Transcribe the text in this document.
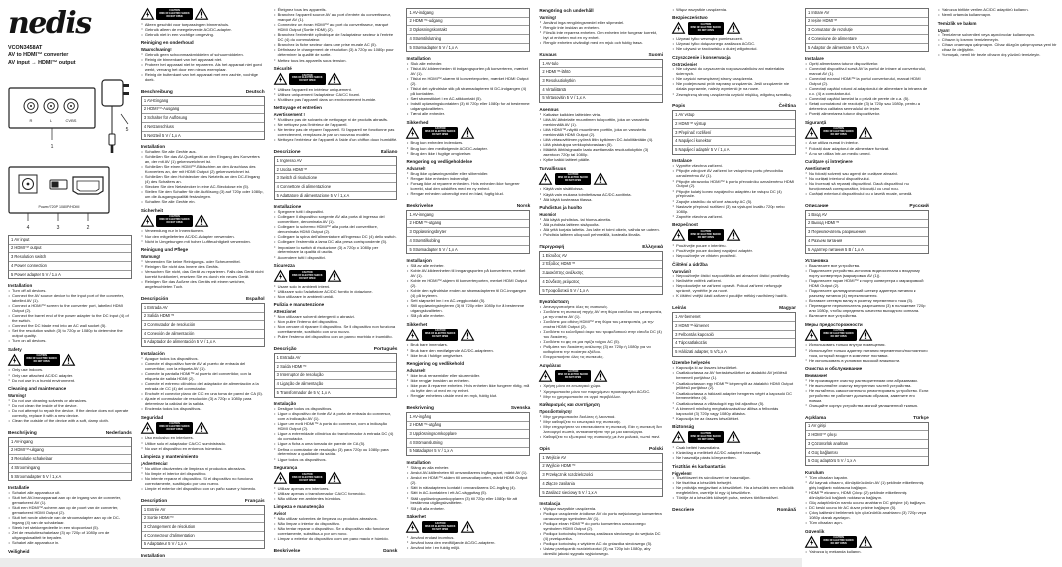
nedis
VCON3458AT
AV to HDMI™ converter
AV input → HDMI™ output
R	L	CVBS
1
5
Power/720P 1080P/HDMI
4	3	2
1 AV input
2 HDMI™ output
3 Resolution switch
4 Power connection
5 Power adapter 5 V / 1.x A
Installation
• Turn off all devices.
• Connect the AV source device to the input port of the converter, labelled AV (1).
• Connect a HDMI™ screen to the converter port, labelled HDMI Output (2).
• Connect the barrel end of the power adapter to the DC input (4) of the switch.
• Connect the DC blade end into an AC wall socket (5).
• Set the resolution switch (3) to 720p or 1080p to determine the output quality.
• Turn on all devices.
Safety
CAUTION
RISK OF ELECTRIC SHOCK
DO NOT OPEN
• Only use indoors.
• Only use attached AC/DC adapter.
• Do not use in a humid environment.
Cleaning and maintenance
Warning!
• Do not use cleaning solvents or abrasives.
• Do not clean the inside of the device.
• Do not attempt to repair the device. If the device does not operate correctly, replace it with a new device.
• Clean the outside of the device with a soft, damp cloth.
Beschrijving	Nederlands
1 AV-ingang
2 HDMI™-uitgang
3 Resolutie schakelaar
4 Stroomingang
5 Stroomadapter 5 V / 1,x A
Installatie
• Schakel alle apparatuur uit.
• Sluit het AV-bronapparaat aan op de ingang van de converter, gemarkeerd AV (1).
• Sluit een HDMI™-scherm aan op de poort van de converter, gemarkeerd HDMI Output (2).
• Sluit het ronde uiteinde van de stroomadapter aan op de DC-ingang (4) van de schakelaar.
• Steek het stekkergedeelte in een stopcontact (5).
• Zet de resolutieschakelaar (3) op 720p of 1080p om de uitgangskwaliteit te bepalen.
• Schakel alle apparatuur in.
Veiligheid
CAUTION
RISK OF ELECTRIC SHOCK
DO NOT OPEN
• Alleen geschikt voor toepassingen binnenshuis.
• Gebruik alleen de meegeleverde AC/DC-adapter.
• Gebruik niet in een vochtige omgeving.
Reiniging en onderhoud
Waarschuwing!
• Gebruik geen schoonmaakmiddelen of schuurmiddelen.
• Reinig de binnenkant van het apparaat niet.
• Probeer het apparaat niet te repareren. Als het apparaat niet goed werkt, vervang het door een nieuw exemplaar.
• Reinig de buitenkant van het apparaat met een zachte, vochtige doek.
Beschreibung	Deutsch
1 AV-Eingang
2 HDMI™-Ausgang
3 Schalter für Auflösung
4 Netzanschluss
5 Netzteil 5 V / 1,x A
Installation
• Schalten Sie alle Geräte aus.
• Schließen Sie das AV-Quellgerät an den Eingang des Konverters an, der mit AV (1) gekennzeichnet ist.
• Schließen Sie einen HDMI™-Bildschirm an den Anschluss des Konverters an, der mit HDMI Output (2) gekennzeichnet ist.
• Schließen Sie den Hohlstecker des Netzteils an den DC-Eingang (4) des Schalters an.
• Stecken Sie den Netzstecker in eine AC-Steckdose ein (5).
• Stellen Sie den Schalter für die Auflösung (3) auf 720p oder 1080p, um die Ausgangsqualität festzulegen.
• Schalten Sie alle Geräte ein.
Sicherheit
CAUTION
RISK OF ELECTRIC SHOCK
DO NOT OPEN
• Verwendung nur in Innenräumen.
• Nur den mitgelieferten AC/DC-Adapter verwenden.
• Nicht in Umgebungen mit hoher Luftfeuchtigkeit verwenden.
Reinigung und Pflege
Warnung!
• Verwenden Sie keine Reinigungs- oder Scheuermittel.
• Reinigen Sie nicht das Innere des Geräts.
• Versuchen Sie nicht, das Gerät zu reparieren. Falls das Gerät nicht korrekt funktioniert, ersetzen Sie es durch ein neues Gerät.
• Reinigen Sie das Äußere des Geräts mit einem weichen, angefeuchteten Tuch.
Descripción	Español
1 Entrada AV
2 Salida HDMI™
3 Conmutador de resolución
4 Conexión de alimentación
5 Adaptador de alimentación 5 V / 1,x A
Instalación
• Apague todos los dispositivos.
• Conecte el dispositivo fuente AV al puerto de entrada del convertidor, con la etiqueta AV (1).
• Conecte la pantalla HDMI™ al puerto del convertidor, con la etiqueta de salida HDMI (2).
• Conecte el extremo cilíndrico del adaptador de alimentación a la entrada de CC (4) del conmutador.
• Enchufe el conector plano de CC en una toma de pared de CA (5).
• Ajuste el conmutador de resolución (3) a 720p o 1080p para determinar la calidad de la salida.
• Encienda todos los dispositivos.
Seguridad
CAUTION
RISK OF ELECTRIC SHOCK
DO NOT OPEN
• Uso exclusivo en interiores.
• Utilice solo el adaptador CA/CC suministrado.
• No use el dispositivo en entornos húmedos.
Limpieza y mantenimiento
¡Advertencia!
• No utilice disolventes de limpieza ni productos abrasivos.
• No limpie el interior del dispositivo.
• No intente reparar el dispositivo. Si el dispositivo no funciona correctamente, sustitúyalo por uno nuevo.
• Limpie el exterior del dispositivo con un paño suave y húmedo.
Description	Français
1 Entrée AV
2 Sortie HDMI™
3 Changement de résolution
4 Connecteur d'alimentation
5 Adaptateur 5 V / 1,x A
Installation
• Éteignez tous les appareils.
• Branchez l'appareil source AV au port d'entrée du convertisseur, marqué AV (1).
• Connectez un écran HDMI™ au port du convertisseur, marqué HDMI Output (Sortie HDMI) (2).
• Branchez l'extrémité cylindrique de l'adaptateur secteur à l'entrée DC (4) du commutateur.
• Branchez la fiche secteur dans une prise murale AC (5).
• Définissez le changement de résolution (3) à 720p ou 1080p pour déterminer la qualité de sortie.
• Mettez tous les appareils sous tension.
Sécurité
CAUTION
RISK OF ELECTRIC SHOCK
DO NOT OPEN
• Utilisez l'appareil en intérieur uniquement.
• Utilisez uniquement l'adaptateur CA/CC fourni.
• N'utilisez pas l'appareil dans un environnement humide.
Nettoyage et entretien
Avertissement !
• N'utilisez pas de solvants de nettoyage ni de produits abrasifs.
• Ne nettoyez pas l'intérieur de l'appareil.
• Ne tentez pas de réparer l'appareil. Si l'appareil ne fonctionne pas correctement, remplacez-le par un nouveau modèle.
• Nettoyez l'extérieur de l'appareil à l'aide d'un chiffon doux humidifié.
Descrizione	Italiano
1 Ingresso AV
2 Uscita HDMI™
3 Switch di risoluzione
4 Connettore di alimentazione
5 Adattatore di alimentazione 5 V / 1,x A
Installazione
• Spegnere tutti i dispositivi.
• Collegare il dispositivo sorgente AV alla porta di ingresso del convertitore, denominata AV (1).
• Collegare lo schermo HDMI™ alla porta del convertitore, denominata HDMI Output (2).
• Collegare la spina dell'alimentatore all'ingresso DC (4) dello switch.
• Collegare l'estremità a lama DC alla presa corrispondente (5).
• Impostare lo switch di risoluzione (3) a 720p o 1080p per determinare la qualità di uscita.
• Accendere tutti i dispositivi.
Sicurezza
CAUTION
RISK OF ELECTRIC SHOCK
DO NOT OPEN
• Usare solo in ambienti interni.
• Utilizzare solo l'adattatore AC/DC fornito in dotazione.
• Non utilizzare in ambienti umidi.
Pulizia e manutenzione
Attenzione!
• Non utilizzare solventi detergenti o abrasivi.
• Non pulire l'interno del dispositivo.
• Non cercare di riparare il dispositivo. Se il dispositivo non funziona correttamente, sostituirlo con uno nuovo.
• Pulire l'esterno del dispositivo con un panno morbido e inumidito.
Descrição	Português
1 Entrada AV
2 Saída HDMI™
3 Interruptor de resolução
4 Ligação de alimentação
5 Transformador de 5 V, 1,x A
Instalação
• Desligue todos os dispositivos.
• Ligue o dispositivo de fonte AV à porta de entrada do conversor, com a indicação AV (1).
• Ligue um ecrã HDMI™ à porta do conversor, com a indicação HDMI Output (2).
• Ligue a extremidade cilíndrica do transformador à entrada DC (4) do comutador.
• Ligue a ficha a uma tomada de parede de CA (5).
• Defina o comutador de resolução (3) para 720p ou 1080p para determinar a qualidade da saída.
• Ligue todos os dispositivos.
Segurança
CAUTION
RISK OF ELECTRIC SHOCK
DO NOT OPEN
• Utilizar apenas em interiores.
• Utilizar apenas o transformador CA/CC fornecido.
• Não utilizar em ambientes húmidos.
Limpeza e manutenção
Aviso!
• Não utilizar solventes de limpeza ou produtos abrasivos.
• Não limpar o interior do dispositivo.
• Não tentar reparar o dispositivo. Se o dispositivo não funcionar corretamente, substitua-o por um novo.
• Limpar o exterior do dispositivo com um pano macio e húmido.
Beskrivelse	Dansk
1 AV-indgang
2 HDMI™-udgang
3 Opløsningskontakt
4 Strømtilslutning
5 Strømadapter 5 V / 1,x A
Installation
• Sluk alle enheder.
• Tilslut AV-kildeenheden til indgangsporten på konverteren, mærket AV (1).
• Tilslut en HDMI™-skærm til konverterporten, mærket HDMI Output (2).
• Tilslut det cylindriske stik på strømadapteren til DC-indgangen (4) på kontakten.
• Sæt strømstikket i en AC-stikkontakt (5).
• Indstil opløsningskontakten (3) til 720p eller 1080p for at bestemme udgangskvaliteten.
• Tænd alle enheder.
Sikkerhed
CAUTION
RISK OF ELECTRIC SHOCK
DO NOT OPEN
• Brug kun enheden indendørs.
• Brug kun den medfølgende AC/DC-adapter.
• Brug den ikke i fugtige omgivelser.
Rengøring og vedligeholdelse
Advarsel!
• Brug ikke opløsningsmidler eller slibemidler.
• Rengør ikke enheden indvendigt.
• Forsøg ikke at reparere enheden. Hvis enheden ikke fungerer korrekt, skal den udskiftes med en ny enhed.
• Rengør enheden udvendigt med en blød, fugtig klud.
Beskrivelse	Norsk
1 AV-inngang
2 HDMI™-utgang
3 Oppløsningsbryter
4 Strømtilkobling
5 Strømadapter 5 V / 1,x A
Installasjon
• Slå av alle enheter.
• Koble AV-kildeenheten til inngangsporten på konverteren, merket AV (1).
• Koble en HDMI™-skjerm til konverterporten, merket HDMI Output (2).
• Koble den sylindriske enden av strømadapteren til DC-inngangen (4) på bryteren.
• Sett støpselet inn i en AC-veggkontakt (5).
• Still oppløsningsbryteren (3) til 720p eller 1080p for å bestemme utgangskvaliteten.
• Slå på alle enheter.
Sikkerhet
CAUTION
RISK OF ELECTRIC SHOCK
DO NOT OPEN
• Bruk bare innendørs.
• Bruk bare den medfølgende AC/DC-adapteren.
• Ikke bruk i fuktige omgivelser.
Rengjøring og vedlikehold
Advarsel!
• Ikke bruk rensemidler eller skuremidler.
• Ikke rengjør innsiden av enheten.
• Ikke prøv å reparere enheten. Hvis enheten ikke fungerer riktig, må du bytte den ut med en ny enhet.
• Rengjør enhetens utside med en myk, fuktig klut.
Beskrivning	Svenska
1 AV-ingång
2 HDMI™-utgång
3 Upplösningsomkopplare
4 Strömanslutning
5 Nätadapter 5 V / 1,x A
Installation
• Stäng av alla enheter.
• Anslut AV-källenheten till omvandlarens ingångsport, märkt AV (1).
• Anslut en HDMI™-skärm till omvandlarporten, märkt HDMI Output (2).
• Sätt in nätadapterns kontakt i omvandlarens DC-ingång (4).
• Sätt in AC-kontakten i ett AC-vägguttag (5).
• Ställ upplösningsomkopplaren (3) till 720p eller 1080p för att bestämma utgångskvaliteten.
• Slå på alla enheter.
Säkerhet
CAUTION
RISK OF ELECTRIC SHOCK
DO NOT OPEN
• Använd endast inomhus.
• Använd bara den medföljande AC/DC-adaptern.
• Använd inte i en fuktig miljö.
Rengöring och underhåll
Varning!
• Använd inga rengöringsmedel eller slipmedel.
• Rengör inte insidan av enheten.
• Försök inte reparera enheten. Om enheten inte fungerar korrekt, byt ut enheten mot en ny enhet.
• Rengör enheten utvändigt med en mjuk och fuktig trasa.
Kuvaus	Suomi
1 AV-tulo
2 HDMI™-lähtö
3 Resoluutiokytkin
4 Virtaliitäntä
5 Virtasovitin 5 V / 1,x A
Asennus
• Katkaise kaikkien laitteiden virta.
• Liitä AV-lähdelaite muuntimen tuloporttiin, joka on varustettu merkinnällä AV (1).
• Liitä HDMI™-näyttö muuntimen porttiin, joka on varustettu merkinnällä HDMI Output (2).
• Liitä virtasovittimen pyöreä liitin kytkimen DC-tuloliitäntään (4).
• Liitä pistotulppa verkkopistorasiaan (5).
• Määritä lähtösignaalin laatu asettamalla resoluutiokytkin (3) asentoon 720p tai 1080p.
• Kytke kaikki laitteet päälle.
Turvallisuus
CAUTION
RISK OF ELECTRIC SHOCK
DO NOT OPEN
• Käytä vain sisätiloissa.
• Käytä vain mukana toimitettavaa AC/DC-sovitinta.
• Älä käytä kosteassa tilassa.
Puhdistus ja huolto
Huomio!
• Älä käytä puhdistus- tai hioma-aineita.
• Älä puhdista laitteen sisäpuolta.
• Älä yritä korjata laitetta. Jos laite ei toimi oikein, vaihda se uuteen.
• Puhdista laitteen ulkopuoli pehmeällä, kostealla liinalla.
Περιγραφή	Ελληνικά
1 Είσοδος AV
2 Έξοδος HDMI™
3 Διακόπτης ανάλυσης
4 Σύνδεση ρεύματος
5 Τροφοδοτικό 5 V / 1,x A
Εγκατάσταση
• Απενεργοποιήστε όλες τις συσκευές.
• Συνδέστε τη συσκευή πηγής AV στη θύρα εισόδου του μετατροπέα, με την ετικέτα AV (1).
• Συνδέστε μια οθόνη HDMI™ στη θύρα του μετατροπέα, με την ετικέτα HDMI Output (2).
• Συνδέστε το κυλινδρικό άκρο του τροφοδοτικού στην είσοδο DC (4) του διακόπτη.
• Συνδέστε το φις σε μια πρίζα τοίχου AC (5).
• Ρυθμίστε τον διακόπτη ανάλυσης (3) σε 720p ή 1080p για να καθορίσετε την ποιότητα εξόδου.
• Ενεργοποιήστε όλες τις συσκευές.
Ασφάλεια
CAUTION
RISK OF ELECTRIC SHOCK
DO NOT OPEN
• Χρήση μόνο σε εσωτερικό χώρο.
• Χρησιμοποιείτε μόνο τον παρεχόμενο προσαρμογέα AC/DC.
• Μην το χρησιμοποιείτε σε υγρό περιβάλλον.
Καθαρισμός και συντήρηση
Προειδοποίηση!
• Μην χρησιμοποιείτε διαλύτες ή λειαντικά.
• Μην καθαρίζετε το εσωτερικό της συσκευής.
• Μην επιχειρήσετε να επισκευάσετε τη συσκευή. Εάν η συσκευή δεν λειτουργεί σωστά, αντικαταστήστε την με μια καινούργια.
• Καθαρίζετε το εξωτερικό της συσκευής με ένα μαλακό, νωπό πανί.
Opis	Polski
1 Wejście AV
2 Wyjście HDMI™
3 Przełącznik rozdzielczości
4 Złącze zasilania
5 Zasilacz sieciowy 5 V / 1,x A
Instalacja
• Wyłącz wszystkie urządzenia.
• Podłącz urządzenie źródłowe AV do portu wejściowego konwertera oznaczonego symbolem AV (1).
• Podłącz ekran HDMI™ do portu konwertera oznaczonego symbolem HDMI Output (2).
• Podłącz końcówkę beczkową zasilacza sieciowego do wejścia DC (4) przełącznika.
• Podłącz końcówkę z wtykiem AC do gniazdka sieciowego (5).
• Ustaw przełącznik rozdzielczości (3) na 720p lub 1080p, aby określić jakość sygnału wyjściowego.
• Włącz wszystkie urządzenia.
Bezpieczeństwo
CAUTION
RISK OF ELECTRIC SHOCK
DO NOT OPEN
• Używać tylko wewnątrz pomieszczeń.
• Używać tylko dołączonego zasilacza AC/DC.
• Nie używać w środowisku o dużej wilgotności.
Czyszczenie i konserwacja
Ostrzeżenie!
• Nie używać do czyszczenia rozpuszczalników ani materiałów ściernych.
• Nie czyścić wewnętrznej strony urządzenia.
• Nie podejmować prób naprawy urządzenia. Jeśli urządzenie nie działa poprawnie, należy wymienić je na nowe.
• Zewnętrzną stronę urządzenia czyścić miękką, wilgotną szmatką.
Popis	Čeština
1 AV vstup
2 HDMI™ výstup
3 Přepínač rozlišení
4 Napájecí konektor
5 Napájecí adaptér 5 V / 1,x A
Instalace
• Vypněte všechna zařízení.
• Připojte zdrojové AV zařízení ke vstupnímu portu převodníku označenému AV (1).
• Připojte obrazovku HDMI™ k portu převodníku označenému HDMI Output (2).
• Připojte kulatý konec napájecího adaptéru ke vstupu DC (4) přepínače.
• Zapojte zástrčku do síťové zásuvky AC (5).
• Nastavte přepínač rozlišení (3) na výstupní kvalitu 720p nebo 1080p.
• Zapněte všechna zařízení.
Bezpečnost
CAUTION
RISK OF ELECTRIC SHOCK
DO NOT OPEN
• Používejte pouze v interiéru.
• Používejte pouze dodaný napájecí adaptér.
• Nepoužívejte ve vlhkém prostředí.
Čištění a údržba
Varování!
• Nepoužívejte čisticí rozpouštědla ani abrazivní čisticí prostředky.
• Nečistěte vnitřek zařízení.
• Nepokoušejte se zařízení opravit. Pokud zařízení nefunguje správně, vyměňte je za nové.
• K čištění vnější části zařízení použijte měkký navlhčený hadřík.
Leírás	Magyar
1 AV-bemenet
2 HDMI™-kimenet
3 Felbontás kapcsoló
4 Tápcsatlakozás
5 Hálózati adapter, 5 V/1,x A
Üzembe helyezés
• Kapcsolja ki az összes készüléket.
• Csatlakoztassa az AV forráskészüléket az átalakító AV jelölésű bemeneti portjához (1).
• Csatlakoztasson egy HDMI™ képernyőt az átalakító HDMI Output jelölésű portjához (2).
• Csatlakoztassa a hálózati adapter hengeres végét a kapcsoló DC bemenetéhez (4).
• Csatlakoztassa a villásdugót egy fali aljzathoz (5).
• A kimeneti minőség meghatározásához állítsa a felbontás kapcsolót (3) 720p vagy 1080p állásba.
• Kapcsolja be az összes készüléket.
Biztonság
CAUTION
RISK OF ELECTRIC SHOCK
DO NOT OPEN
• Csak beltéri használatra.
• Kizárólag a mellékelt AC/DC adaptert használja.
• Ne használja párás környezetben.
Tisztítás és karbantartás
Figyelem!
• Tisztítószert és súrolószert ne használjon.
• Ne tisztítsa a készülék belsejét.
• Ne próbálja megjavítani a készüléket. Ha a készülék nem működik megfelelően, cserélje ki egy új készülékre.
• Törölje át a készülék külsejét puha, nedves törlőkendővel.
Descriere	Română
1 Intrare AV
2 Ieșire HDMI™
3 Comutator de rezoluție
4 Conexiune de alimentare
5 Adaptor de alimentare 5 V/1,x A
Instalare
• Opriți alimentarea tuturor dispozitivelor.
• Conectați dispozitivul sursă AV la portul de intrare al convertorului, marcat AV (1).
• Conectați ecranul HDMI™ la portul convertorului, marcat HDMI Output (2).
• Conectați capătul rotund al adaptorului de alimentare la intrarea de c.c. (4) a comutatorului.
• Conectați capătul lamelat la o priză de perete de c.a. (5).
• Setați comutatorul de rezoluție (3) la 720p sau 1080p, pentru a determina calitatea semnalului de ieșire.
• Porniți alimentarea tuturor dispozitivelor.
Siguranță
CAUTION
RISK OF ELECTRIC SHOCK
DO NOT OPEN
• A se utiliza numai în interior.
• Folosiți doar adaptorul de alimentare furnizat.
• A nu se utiliza într-un mediu umed.
Curățare și întreținere
Avertisment!
• Nu folosiți solvenți sau agenți de curățare abrazivi.
• Nu curățați interiorul dispozitivului.
• Nu încercați să reparați dispozitivul. Dacă dispozitivul nu funcționează corespunzător, înlocuiți-l cu unul nou.
• Curățați exteriorul dispozitivului cu o lavetă moale, umedă.
Описание	Русский
1 Вход AV
2 Выход HDMI™
3 Переключатель разрешения
4 Разъем питания
5 Адаптер питания 5 В / 1,x А
Установка
• Выключите все устройства.
• Подключите устройство-источник видеосигнала к входному порту конвертера (маркировка AV (1)).
• Подключите экран HDMI™ к порту конвертера с маркировкой HDMI Output (2).
• Подключите цилиндрический штекер адаптера питания к разъему питания (4) переключателя.
• Вставьте сетевую вилку в розетку переменного тока (5).
• Переведите переключатель разрешения (3) в положение 720p или 1080p, чтобы определить качество выходного сигнала.
• Включите все устройства.
Меры предосторожности
CAUTION
RISK OF ELECTRIC SHOCK
DO NOT OPEN
• Использовать только внутри помещения.
• Используйте только адаптер питания переменного/постоянного тока, который входит в комплект поставки.
• Не использовать в условиях высокой влажности.
Очистка и обслуживание
Внимание!
• Не производите очистку растворителями или абразивами.
• Не выполняйте очистку внутренних частей устройства.
• Не пытайтесь самостоятельно ремонтировать устройство. Если устройство не работает должным образом, замените его новым.
• Очищайте корпус устройства мягкой увлажненной тканью.
Açıklama	Türkçe
1 AV girişi
2 HDMI™ çıkışı
3 Çözünürlük anahtarı
4 Güç bağlantısı
5 Güç adaptörü 5 V / 1,x A
Kurulum
• Tüm cihazları kapatın.
• AV kaynak cihazını, dönüştürücünün AV (1) şeklinde etiketlenmiş giriş bağlantı noktasına bağlayın.
• HDMI™ ekranını, HDMI Çıkışı (2) şeklinde etiketlenmiş dönüştürücü bağlantı noktasına bağlayın.
• Güç adaptörünün namlu ucunu anahtarın DC girişine (4) bağlayın.
• DC keski ucunu bir AC duvar prizine bağlayın (5).
• Çıkış kalitesini belirlemek için çözünürlük anahtarını (3) 720p veya 1080p olarak ayarlayın.
• Tüm cihazları açın.
Güvenlik
CAUTION
RISK OF ELECTRIC SHOCK
DO NOT OPEN
• Yalnızca iç mekanda kullanın.
• Yalnızca birlikte verilen AC/DC adaptörü kullanın.
• Nemli ortamda kullanmayın.
Temizlik ve bakım
Uyarı!
• Temizleme solventleri veya aşındırıcılar kullanmayın.
• Cihazın iç kısmını temizlemeyin.
• Cihazı onarmaya çalışmayın. Cihaz düzgün çalışmıyorsa yeni bir cihaz ile değiştirin.
• Yumuşak, nemli bir bezle cihazın dış yüzünü temizleyin.
